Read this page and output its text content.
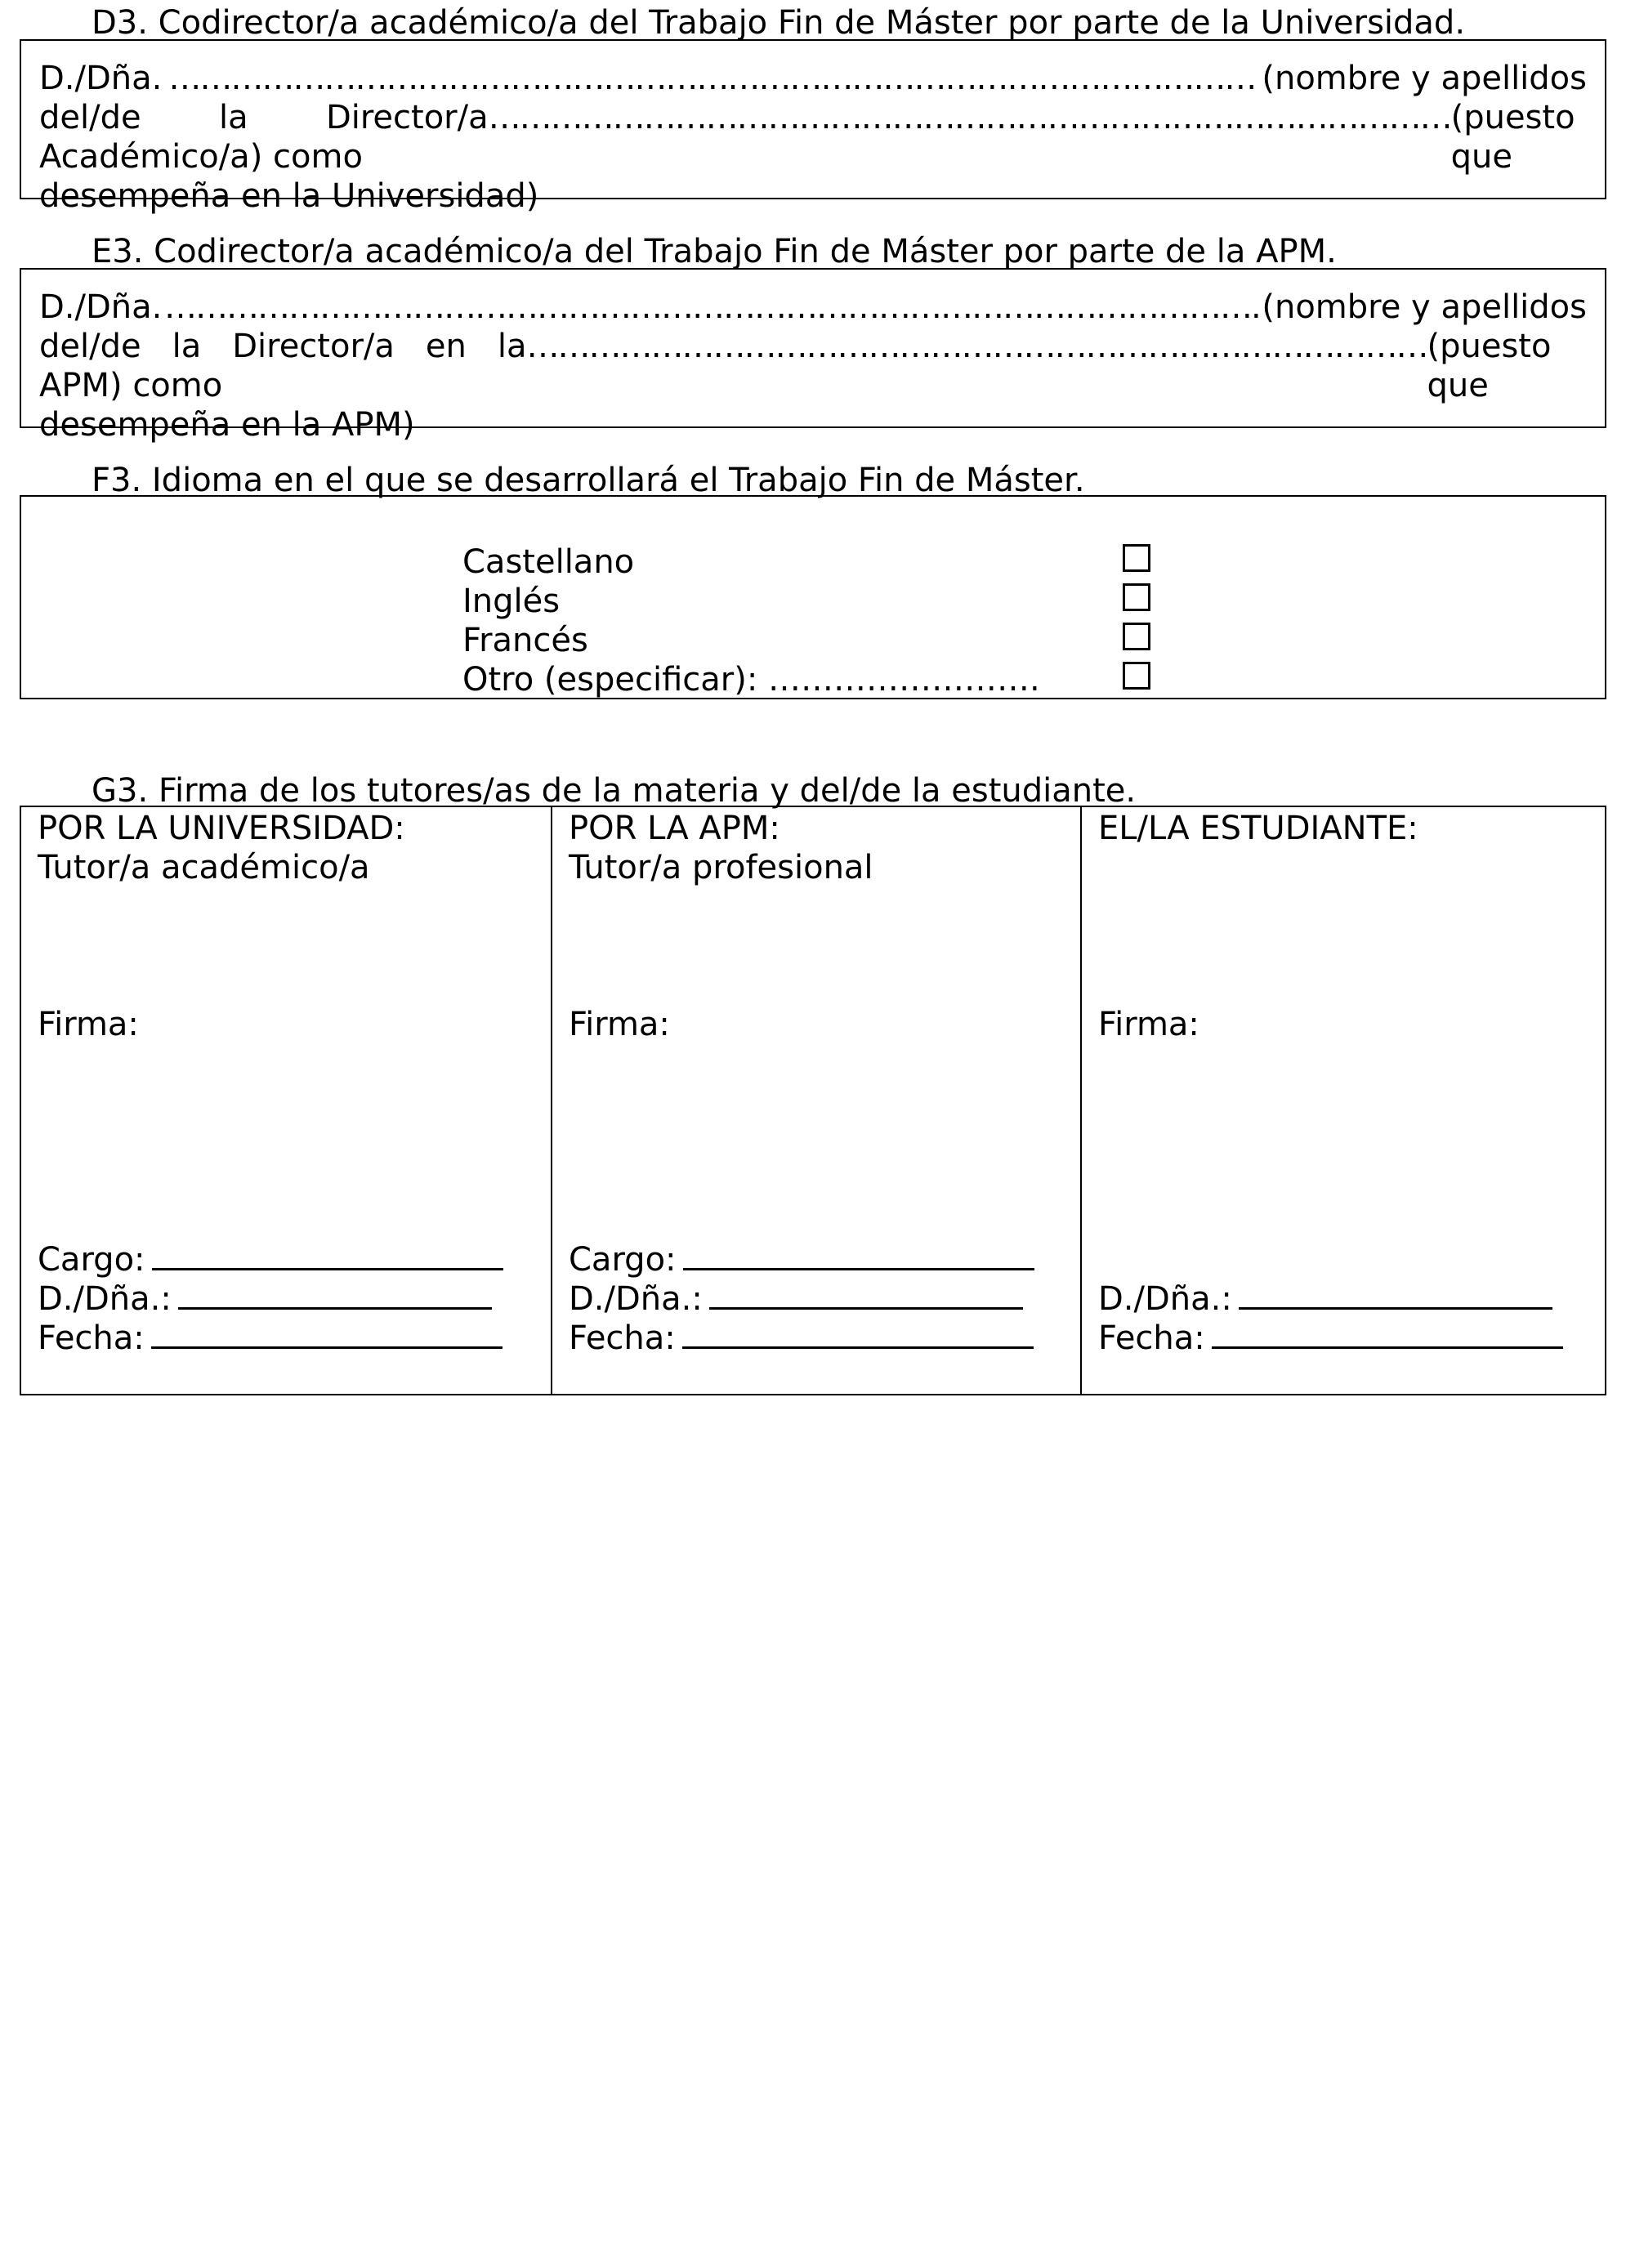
D3. Codirector/a académico/a del Trabajo Fin de Máster por parte de la Universidad.
D./Dña. …………………………………………………………………………………………… (nombre y apellidos
del/de la Director/a Académico/a) como
………………………………………………………………………………… (puesto que
desempeña en la Universidad)
E3. Codirector/a académico/a del Trabajo Fin de Máster por parte de la APM.
D./Dña. ……………………………………………………………………………………………. (nombre y apellidos
del/de la Director/a en la APM) como
…………………………………………………………………………… (puesto que
desempeña en la APM)
F3. Idioma en el que se desarrollará el Trabajo Fin de Máster.
Castellano
Inglés
Francés
Otro (especificar): …………………….
G3. Firma de los tutores/as de la materia y del/de la estudiante.
POR LA UNIVERSIDAD:
Tutor/a académico/a
Firma:
Cargo:
D./Dña.:
Fecha:
POR LA APM:
Tutor/a profesional
Firma:
Cargo:
D./Dña.:
Fecha:
EL/LA ESTUDIANTE:
Firma:
D./Dña.:
Fecha:
